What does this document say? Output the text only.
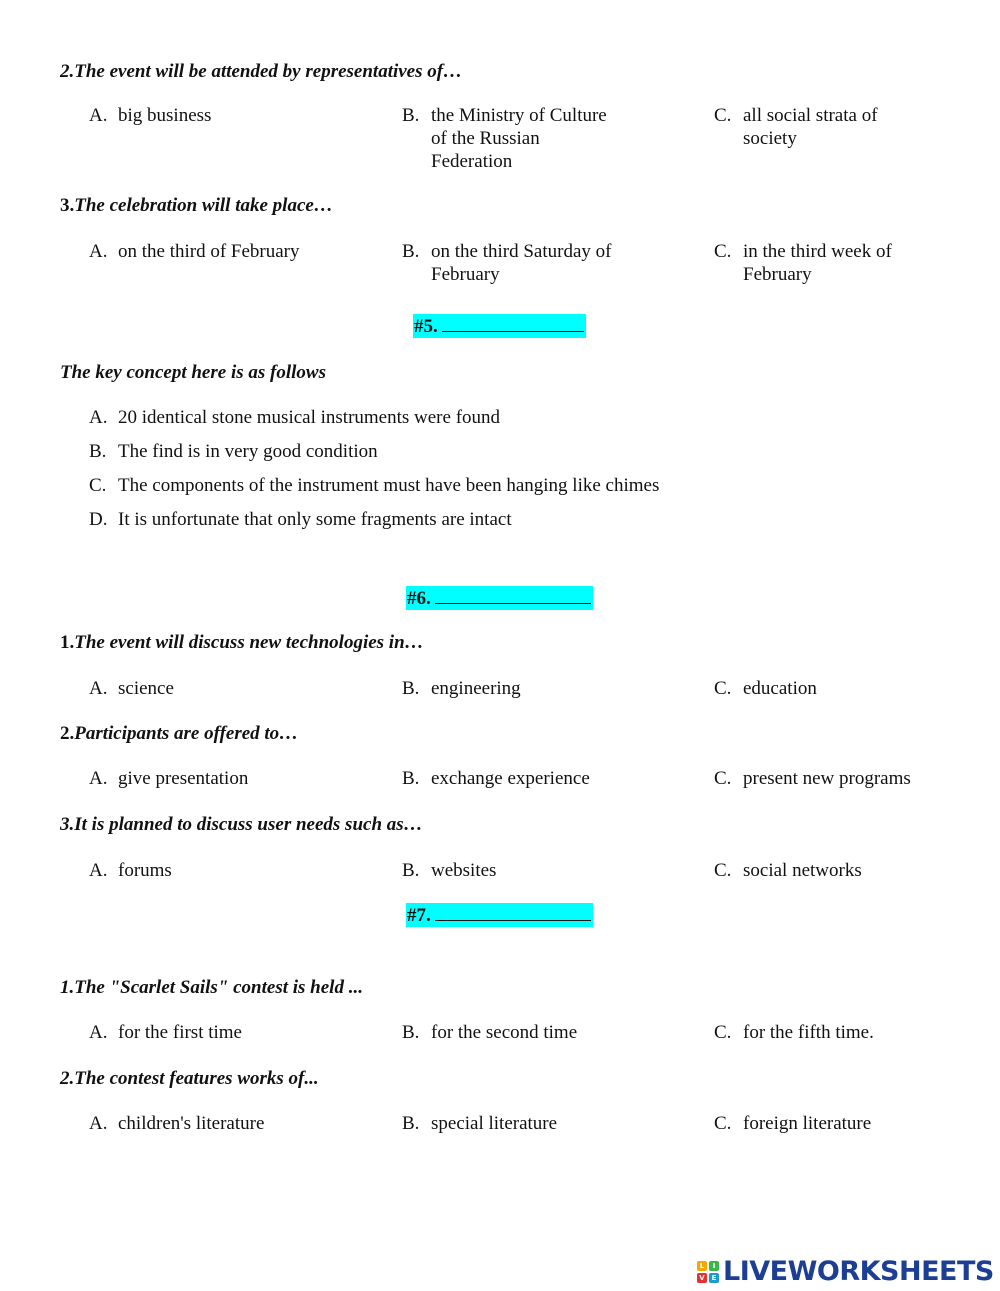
2.The event will be attended by representatives of…
A. big business	B. the Ministry of Culture of the Russian Federation
C. all social strata of society
3.The celebration will take place…
A. on the third of February	B. on the third Saturday of February
C. in the third week of February
#5.
The key concept here is as follows
A. 20 identical stone musical instruments were found
B. The find is in very good condition
C. The components of the instrument must have been hanging like chimes
D. It is unfortunate that only some fragments are intact
#6.
1.The event will discuss new technologies in…
A. science	B. engineering	C. education
2.Participants are offered to…
A. give presentation	B. exchange experience	C. present new programs
3.It is planned to discuss user needs such as…
A. forums	B. websites	C. social networks
#7.
1.The "Scarlet Sails" contest is held ...
A. for the first time	B. for the second time	C. for the fifth time.
2.The contest features works of...
A. children's literature	B. special literature	C. foreign literature
L	I
V E LIVEWORKSHEETS
